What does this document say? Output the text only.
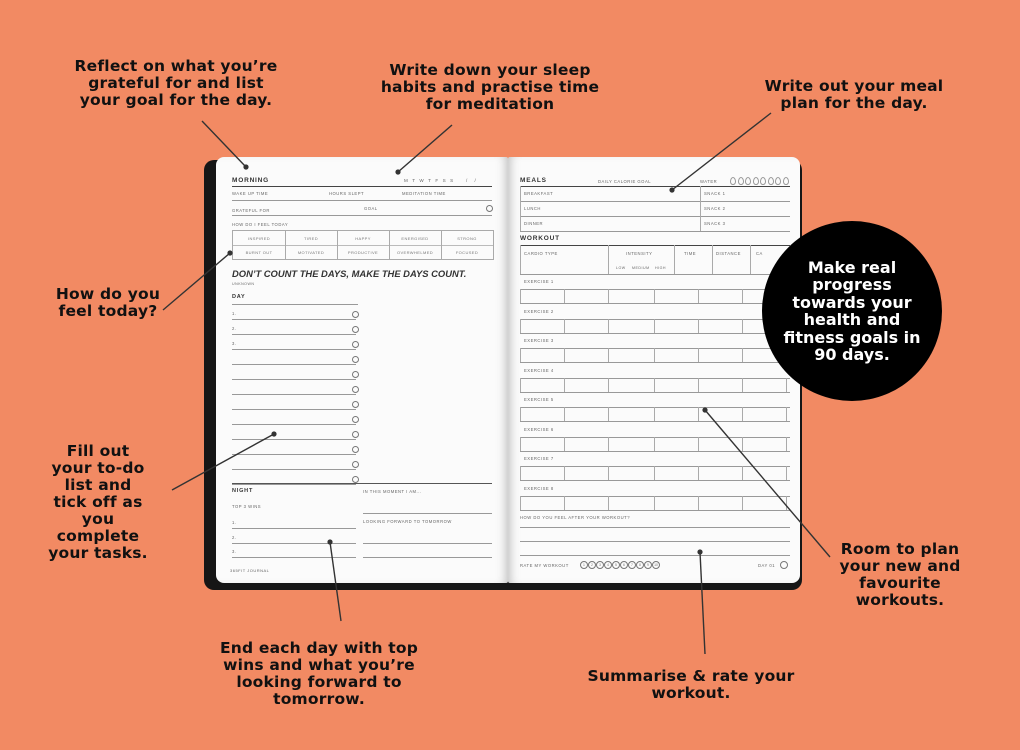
MORNING	M T W T F S S / /
WAKE UP TIME	HOURS SLEPT	MEDITATION TIME
GRATEFUL FOR	GOAL
HOW DO I FEEL TODAY
INSPIRED	TIRED	HAPPY	ENERGISED	STRONG
BURNT OUT	MOTIVATED	PRODUCTIVE	OVERWHELMED	FOCUSED
DON’T COUNT THE DAYS, MAKE THE DAYS COUNT.
UNKNOWN
DAY
1.
2.
3.
NIGHT	IN THIS MOMENT I AM...
TOP 3 WINS
LOOKING FORWARD TO TOMORROW
1.
2.
3.
365FIT JOURNAL
MEALS	DAILY CALORIE GOAL	WATER
BREAKFAST	SNACK 1
LUNCH	SNACK 2
DINNER	SNACK 3
WORKOUT
CARDIO TYPE	INTENSITY	TIME	DISTANCE	CA
LOW MEDIUM HIGH
EXERCISE 1
EXERCISE 2
EXERCISE 3
EXERCISE 4
EXERCISE 5
EXERCISE 6
EXERCISE 7
EXERCISE 8
HOW DO YOU FEEL AFTER YOUR WORKOUT?
RATE MY WORKOUT	1	2	3	4	5	6	7	8	9	10	DAY 01
Make real progress towards your health and fitness goals in 90 days.
Reflect on what you’re grateful for and list your goal for the day.
Write down your sleep habits and practise time for meditation
Write out your meal plan for the day.
How do you feel today?
Fill out your to-do list and tick off as you complete your tasks.
End each day with top wins and what you’re looking forward to tomorrow.
Summarise & rate your workout.
Room to plan your new and favourite workouts.
